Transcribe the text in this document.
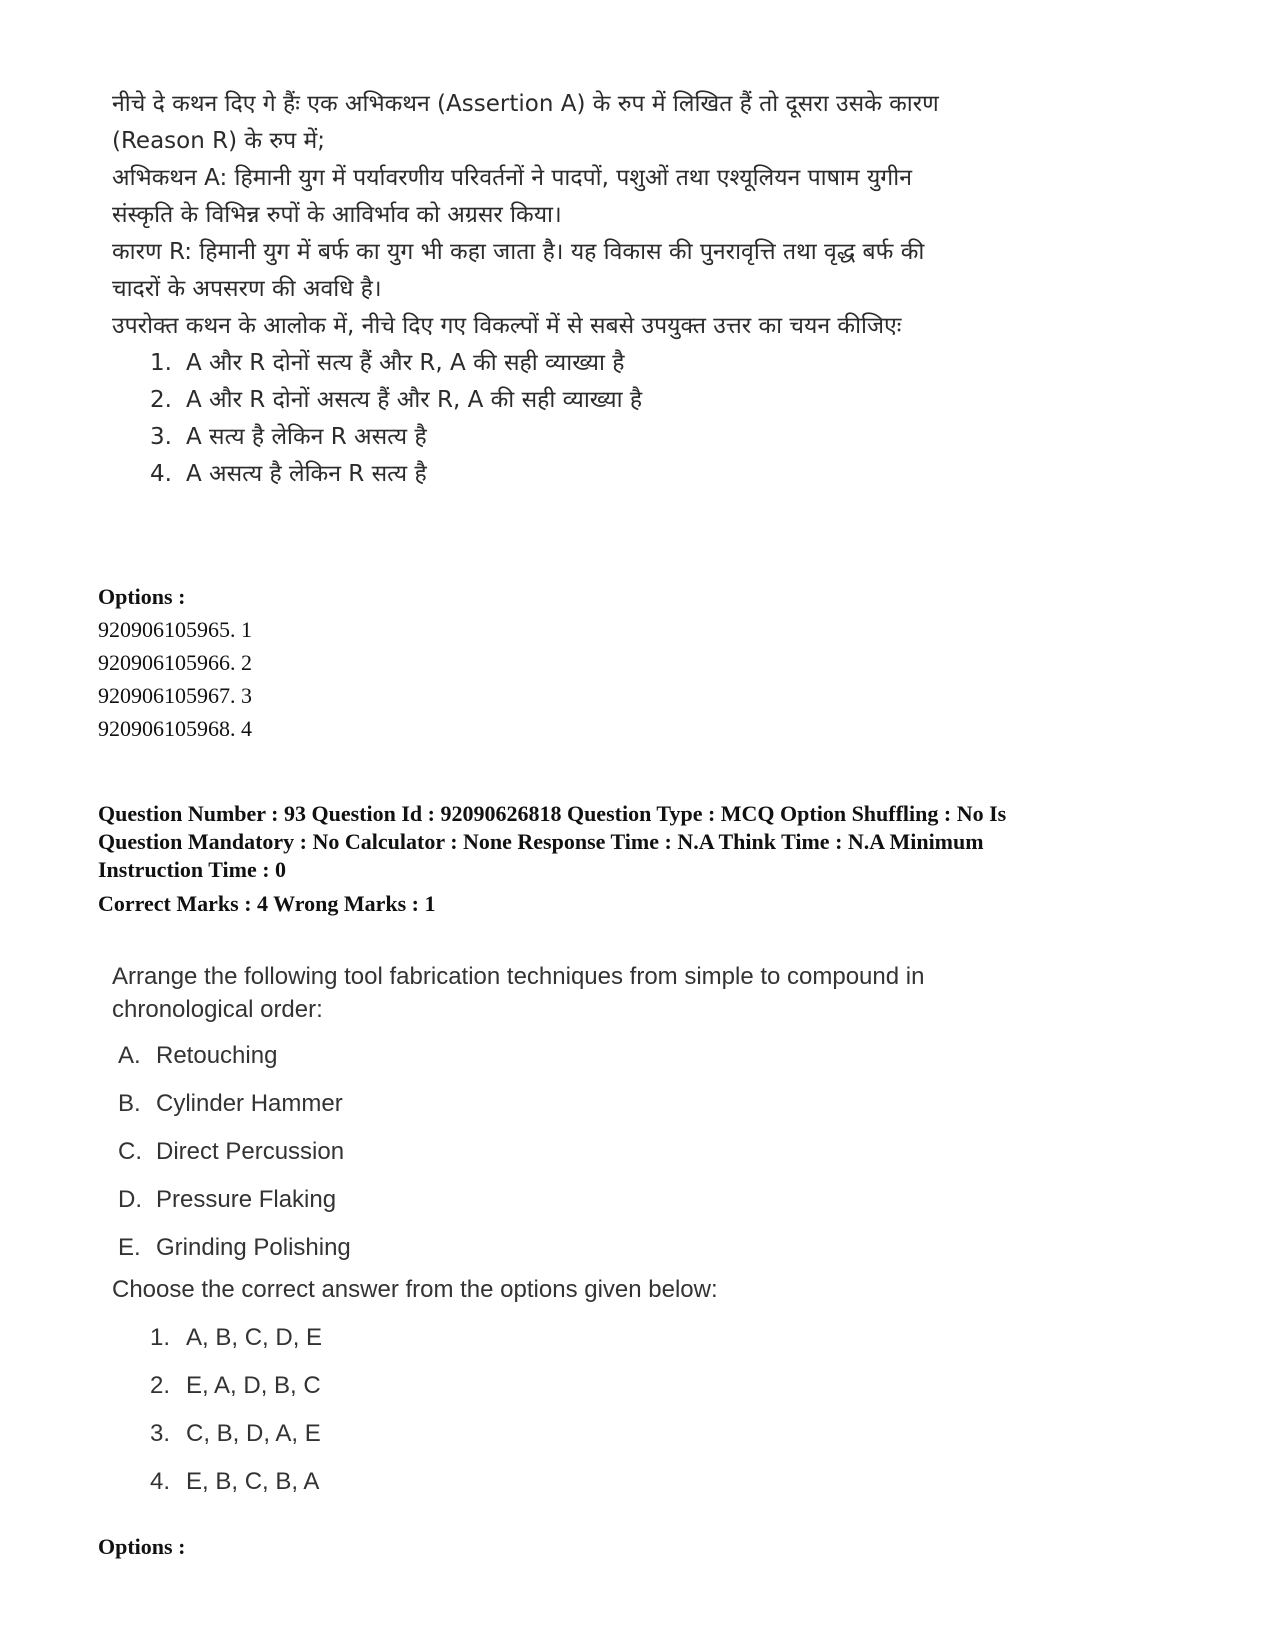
नीचे दे कथन दिए गे हैंः एक अभिकथन (Assertion A) के रुप में लिखित हैं तो दूसरा उसके कारण (Reason R) के रुप में;

अभिकथन A: हिमानी युग में पर्यावरणीय परिवर्तनों ने पादपों, पशुओं तथा एश्यूलियन पाषाम युगीन संस्कृति के विभिन्न रुपों के आविर्भाव को अग्रसर किया।

कारण R: हिमानी युग में बर्फ का युग भी कहा जाता है। यह विकास की पुनरावृत्ति तथा वृद्ध बर्फ की चादरों के अपसरण की अवधि है।

उपरोक्त कथन के आलोक में, नीचे दिए गए विकल्पों में से सबसे उपयुक्त उत्तर का चयन कीजिएः

1. A और R दोनों सत्य हैं और R, A की सही व्याख्या है
2. A और R दोनों असत्य हैं और R, A की सही व्याख्या है
3. A सत्य है लेकिन R असत्य है
4. A असत्य है लेकिन R सत्य है
Options :
920906105965. 1
920906105966. 2
920906105967. 3
920906105968. 4
Question Number : 93 Question Id : 92090626818 Question Type : MCQ Option Shuffling : No Is
Question Mandatory : No Calculator : None Response Time : N.A Think Time : N.A Minimum
Instruction Time : 0
Correct Marks : 4 Wrong Marks : 1

Arrange the following tool fabrication techniques from simple to compound in chronological order:

A. Retouching
B. Cylinder Hammer
C. Direct Percussion
D. Pressure Flaking
E. Grinding Polishing

Choose the correct answer from the options given below:

1. A, B, C, D, E
2. E, A, D, B, C
3. C, B, D, A, E
4. E, B, C, B, A
Options :
